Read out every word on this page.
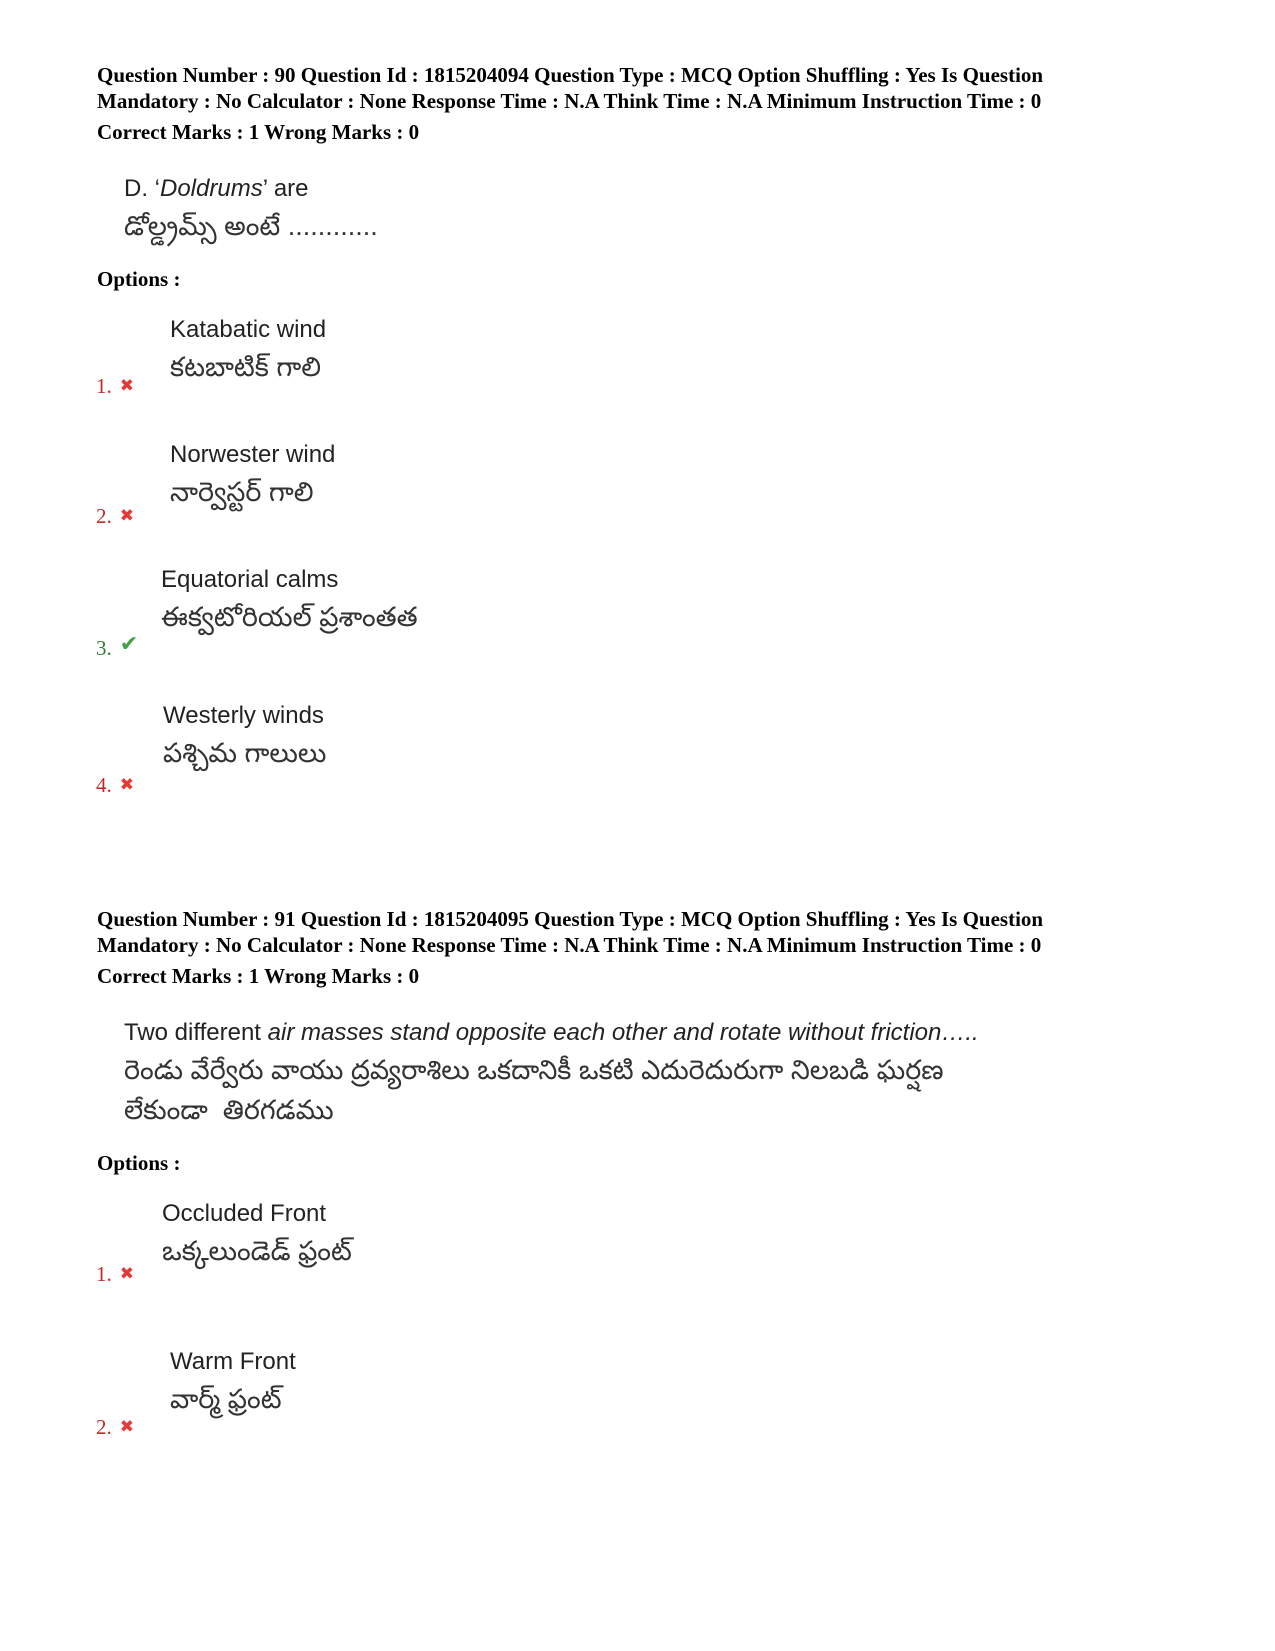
Question Number : 90 Question Id : 1815204094 Question Type : MCQ Option Shuffling : Yes Is Question
Mandatory : No Calculator : None Response Time : N.A Think Time : N.A Minimum Instruction Time : 0

Correct Marks : 1 Wrong Marks : 0
D. ‘Doldrums’ are
డోల్డ్రమ్స్ అంటే ............
Options :
Katabatic wind
కటబాటిక్ గాలి
1. ✖
Norwester wind
నార్వెస్టర్ గాలి
2. ✖
Equatorial calms
ఈక్వటోరియల్ ప్రశాంతత
3. ✔
Westerly winds
పశ్చిమ గాలులు
4. ✖

Question Number : 91 Question Id : 1815204095 Question Type : MCQ Option Shuffling : Yes Is Question
Mandatory : No Calculator : None Response Time : N.A Think Time : N.A Minimum Instruction Time : 0

Correct Marks : 1 Wrong Marks : 0
Two different air masses stand opposite each other and rotate without friction…..
రెండు వేర్వేరు వాయు ద్రవ్యరాశిలు ఒకదానికీ ఒకటి ఎదురెదురుగా నిలబడి ఘర్షణ
లేకుండా  తిరగడము
Options :
Occluded Front
ఒక్కలుండెడ్ ఫ్రంట్
1. ✖
Warm Front
వార్మ్ ఫ్రంట్
2. ✖
